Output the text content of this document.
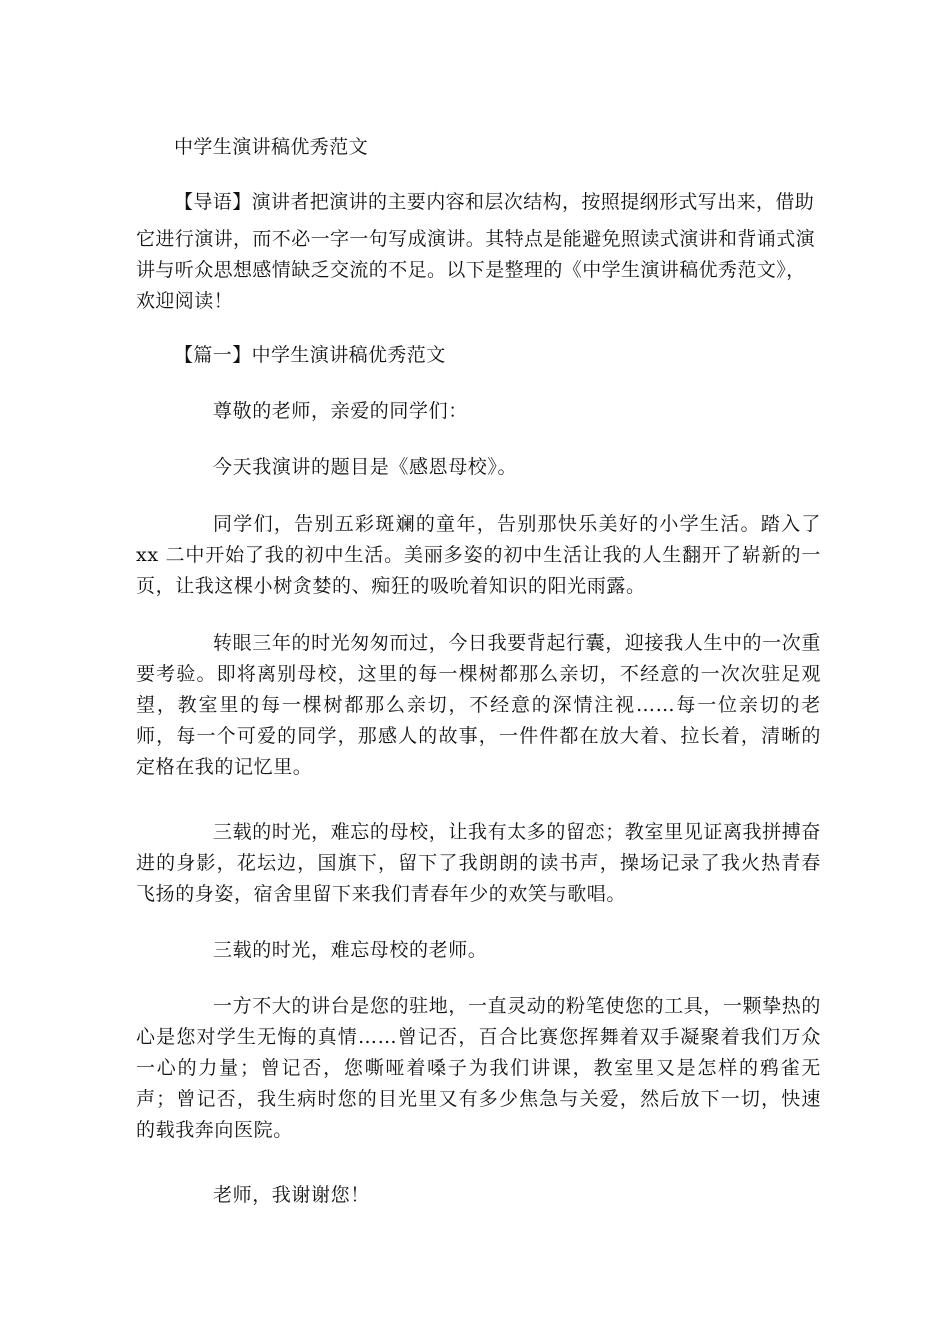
中学生演讲稿优秀范文
【导语】演讲者把演讲的主要内容和层次结构，按照提纲形式写出来，借助
它进行演讲，而不必一字一句写成演讲。其特点是能避免照读式演讲和背诵式演
讲与听众思想感情缺乏交流的不足。以下是整理的《中学生演讲稿优秀范文》，
欢迎阅读！
【篇一】中学生演讲稿优秀范文
尊敬的老师，亲爱的同学们：
今天我演讲的题目是《感恩母校》。
同学们，告别五彩斑斓的童年，告别那快乐美好的小学生活。踏入了 xx 二中开始了我的初中生活。美丽多姿的初中生活让我的人生翻开了崭新的一页，让我这棵小树贪婪的、痴狂的吸吮着知识的阳光雨露。
转眼三年的时光匆匆而过，今日我要背起行囊，迎接我人生中的一次重要考验。即将离别母校，这里的每一棵树都那么亲切，不经意的一次次驻足观望，教室里的每一棵树都那么亲切，不经意的深情注视……每一位亲切的老师，每一个可爱的同学，那感人的故事，一件件都在放大着、拉长着，清晰的定格在我的记忆里。
三载的时光，难忘的母校，让我有太多的留恋；教室里见证离我拼搏奋进的身影，花坛边，国旗下，留下了我朗朗的读书声，操场记录了我火热青春飞扬的身姿，宿舍里留下来我们青春年少的欢笑与歌唱。
三载的时光，难忘母校的老师。
一方不大的讲台是您的驻地，一直灵动的粉笔使您的工具，一颗挚热的心是您对学生无悔的真情……曾记否，百合比赛您挥舞着双手凝聚着我们万众一心的力量；曾记否，您嘶哑着嗓子为我们讲课，教室里又是怎样的鸦雀无声；曾记否，我生病时您的目光里又有多少焦急与关爱，然后放下一切，快速的载我奔向医院。
老师，我谢谢您！
